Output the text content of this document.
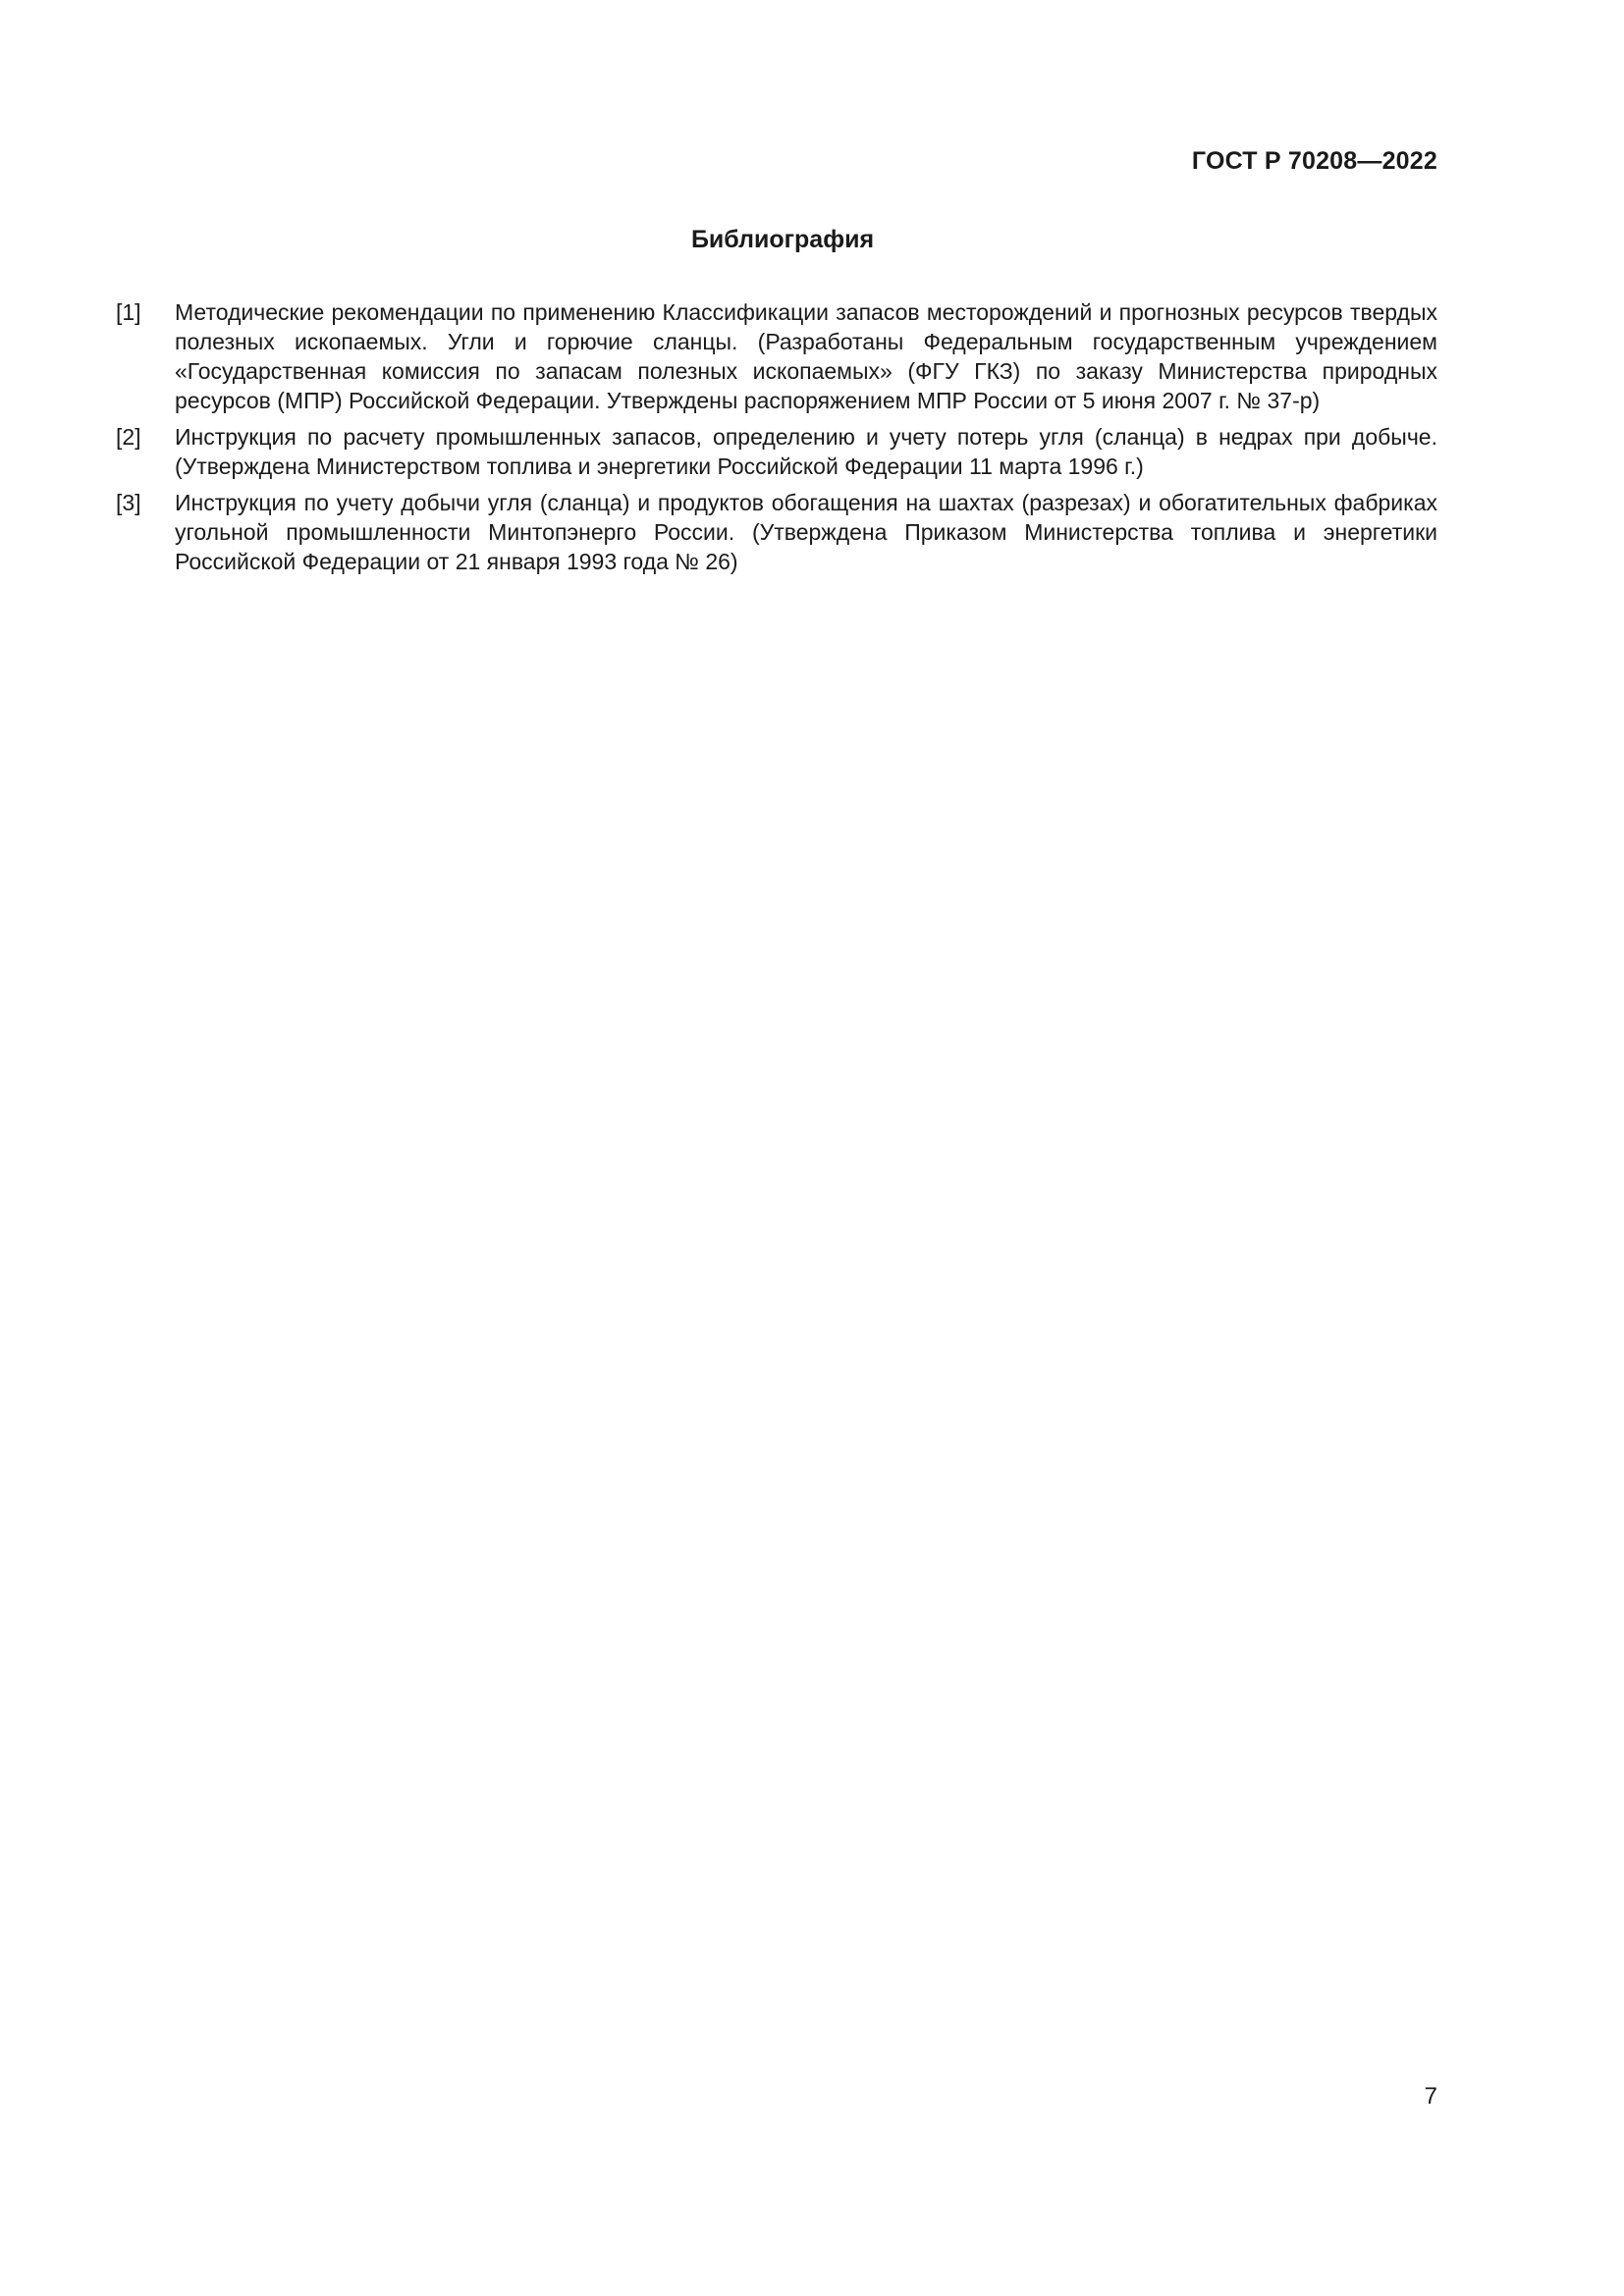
ГОСТ Р 70208—2022
Библиография
[1]	Методические рекомендации по применению Классификации запасов месторождений и прогнозных ресурсов твердых полезных ископаемых. Угли и горючие сланцы. (Разработаны Федеральным государственным учреждением «Государственная комиссия по запасам полезных ископаемых» (ФГУ ГКЗ) по заказу Министерства природных ресурсов (МПР) Российской Федерации. Утверждены распоряжением МПР России от 5 июня 2007 г. № 37-р)
[2]	Инструкция по расчету промышленных запасов, определению и учету потерь угля (сланца) в недрах при добыче. (Утверждена Министерством топлива и энергетики Российской Федерации 11 марта 1996 г.)
[3]	Инструкция по учету добычи угля (сланца) и продуктов обогащения на шахтах (разрезах) и обогатительных фабриках угольной промышленности Минтопэнерго России. (Утверждена Приказом Министерства топлива и энергетики Российской Федерации от 21 января 1993 года № 26)
7
